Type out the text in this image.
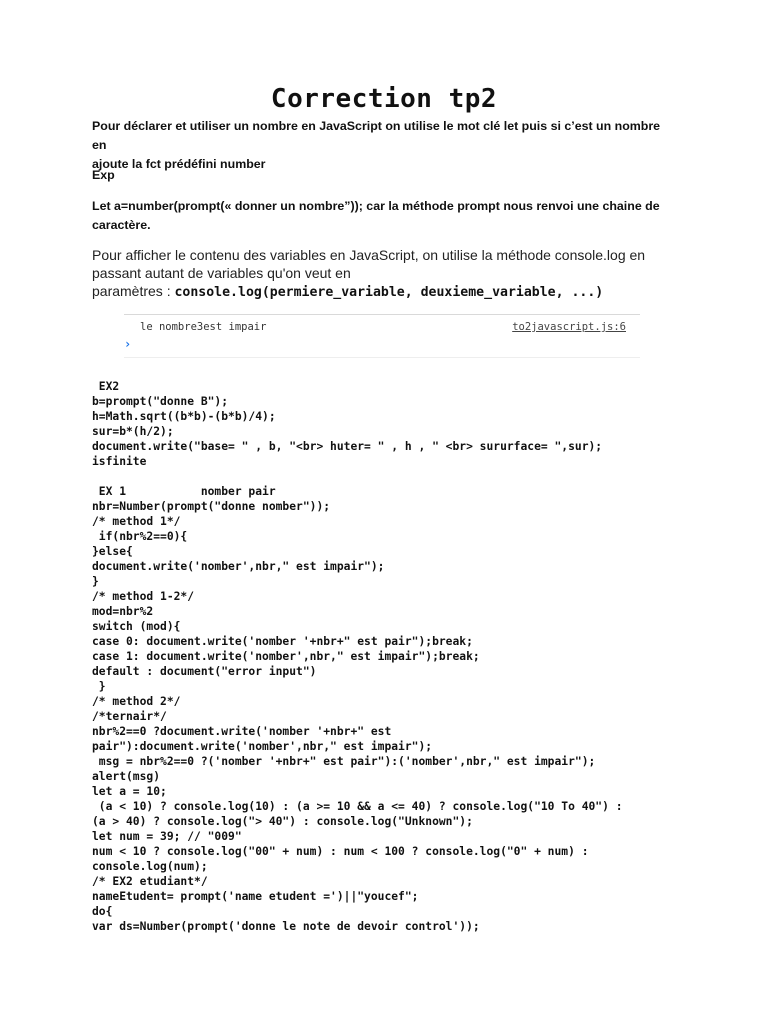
Correction tp2
Pour déclarer et utiliser un nombre en JavaScript on utilise le mot clé let puis si c’est un nombre en
ajoute la fct prédéfini number
Exp
Let a=number(prompt(« donner un nombre”)); car la méthode prompt nous renvoi une chaine de
caractère.
Pour afficher le contenu des variables en JavaScript, on utilise la méthode console.log en
passant autant de variables qu'on veut en
paramètres : console.log(permiere_variable, deuxieme_variable, ...)
le nombre3est impair	to2javascript.js:6
›
EX2
b=prompt("donne B");
h=Math.sqrt((b*b)-(b*b)/4);
sur=b*(h/2);
document.write("base= " , b, "<br> huter= " , h , " <br> sururface= ",sur);
isfinite
EX 1           nomber pair
nbr=Number(prompt("donne nomber"));
/* method 1*/
if(nbr%2==0){
}else{
document.write('nomber',nbr," est impair");
}
/* method 1-2*/
mod=nbr%2
switch (mod){
case 0: document.write('nomber '+nbr+" est pair");break;
case 1: document.write('nomber',nbr," est impair");break;
default : document("error input")
}
/* method 2*/
/*ternair*/
nbr%2==0 ?document.write('nomber '+nbr+" est
pair"):document.write('nomber',nbr," est impair");
msg = nbr%2==0 ?('nomber '+nbr+" est pair"):('nomber',nbr," est impair");
alert(msg)
let a = 10;
(a < 10) ? console.log(10) : (a >= 10 && a <= 40) ? console.log("10 To 40") :
(a > 40) ? console.log("> 40") : console.log("Unknown");
let num = 39; // "009"
num < 10 ? console.log("00" + num) : num < 100 ? console.log("0" + num) :
console.log(num);
/* EX2 etudiant*/
nameEtudent= prompt('name etudent =')||"youcef";
do{
var ds=Number(prompt('donne le note de devoir control'));
